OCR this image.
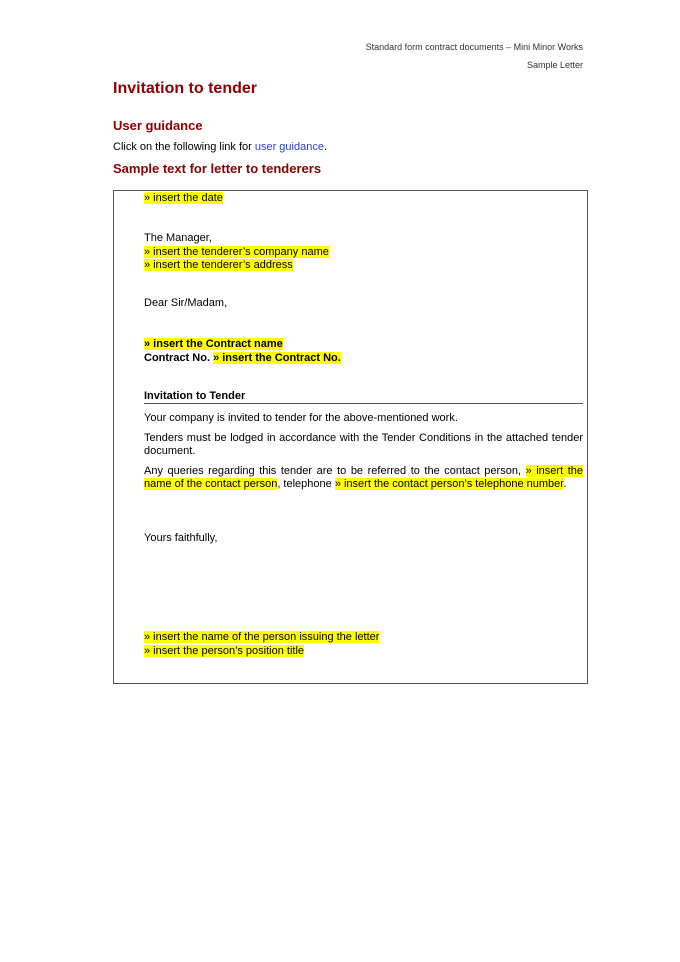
Standard form contract documents – Mini Minor Works
Sample Letter
Invitation to tender
User guidance

Click on the following link for user guidance.

Sample text for letter to tenderers
» insert the date
The Manager,
» insert the tenderer’s company name
» insert the tenderer’s address
Dear Sir/Madam,
» insert the Contract name
Contract No. » insert the Contract No.
Invitation to Tender

Your company is invited to tender for the above-mentioned work.

Tenders must be lodged in accordance with the Tender Conditions in the attached tender document.

Any queries regarding this tender are to be referred to the contact person, » insert the name of the contact person, telephone » insert the contact person’s telephone number.

Yours faithfully,
» insert the name of the person issuing the letter
» insert the person’s position title
